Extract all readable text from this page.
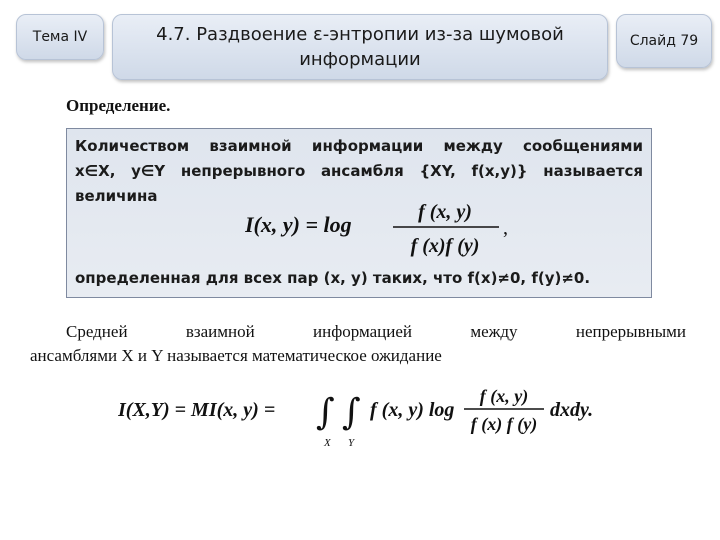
Тема IV	4.7. Раздвоение ε-энтропии из-за шумовой
информации
Слайд 79
Определение.
Количеством взаимной информации между сообщениями
x∈X, y∈Y непрерывного ансамбля {XY, f(x,y)} называется
величина
I(x, y) = log	f (x, y)
f (x)f (y)
,
определенная для всех пар (x, y) таких, что f(x)≠0, f(y)≠0.
Средней взаимной информацией между непрерывными
ансамблями X и Y называется математическое ожидание
I(X,Y) = MI(x, y) = ∫ ∫
X Y
f (x, y) log
f (x, y)
f (x) f (y)
dxdy.
